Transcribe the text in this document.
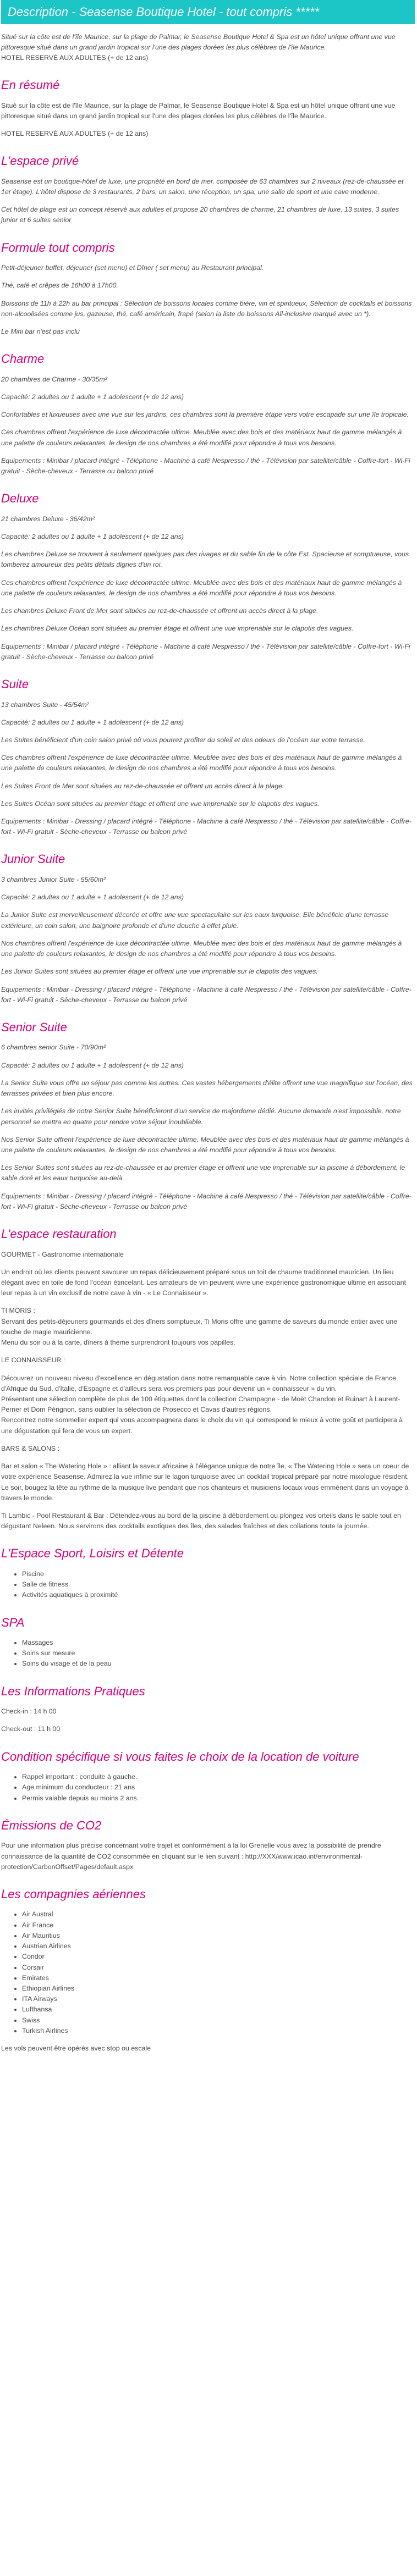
Description - Seasense Boutique Hotel - tout compris *****

Situé sur la côte est de l'île Maurice, sur la plage de Palmar, le Seasense Boutique Hotel & Spa est un hôtel unique offrant une vue pittoresque situé dans un grand jardin tropical sur l'une des plages dorées les plus célèbres de l'île Maurice.

HOTEL RESERVÉ AUX ADULTES (+ de 12 ans)

En résumé

Situé sur la côte est de l'île Maurice, sur la plage de Palmar, le Seasense Boutique Hotel & Spa est un hôtel unique offrant une vue pittoresque situé dans un grand jardin tropical sur l'une des plages dorées les plus célèbres de l'île Maurice.

HOTEL RESERVÉ AUX ADULTES (+ de 12 ans)

L'espace privé

Seasense est un boutique-hôtel de luxe, une propriété en bord de mer, composée de 63 chambres sur 2 niveaux (rez-de-chaussée et 1er étage). L'hôtel dispose de 3 restaurants, 2 bars, un salon, une réception, un spa, une salle de sport et une cave moderne.

Cet hôtel de plage est un concept réservé aux adultes et propose 20 chambres de charme, 21 chambres de luxe, 13 suites, 3 suites junior et 6 suites senior

Formule tout compris

Petit-déjeuner buffet, déjeuner (set menu) et Dîner ( set menu) au Restaurant principal.

Thé, café et crêpes de 16h00 à 17h00.

Boissons de 11h à 22h au bar principal : Sélection de boissons locales comme bière, vin et spiritueux, Sélection de cocktails et boissons non-alcoolisées comme jus, gazeuse, thé, café américain, frapé (selon la liste de boissons All-inclusive marqué avec un *).

Le Mini bar n'est pas inclu

Charme

20 chambres de Charme - 30/35m²

Capacité: 2 adultes ou 1 adulte + 1 adolescent (+ de 12 ans)

Confortables et luxueuses avec une vue sur les jardins, ces chambres sont la première étape vers votre escapade sur une île tropicale.

Ces chambres offrent l'expérience de luxe décontractée ultime. Meublée avec des bois et des matériaux haut de gamme mélangés à une palette de couleurs relaxantes, le design de nos chambres a été modifié pour répondre à tous vos besoins.

Equipements : Minibar / placard intégré - Téléphone - Machine à café Nespresso / thé - Télévision par satellite/câble - Coffre-fort - Wi-Fi gratuit - Sèche-cheveux - Terrasse ou balcon privé

Deluxe

21 chambres Deluxe - 36/42m²

Capacité: 2 adultes ou 1 adulte + 1 adolescent (+ de 12 ans)

Les chambres Deluxe se trouvent à seulement quelques pas des rivages et du sable fin de la côte Est. Spacieuse et somptueuse, vous tomberez amoureux des petits détails dignes d'un roi.

Ces chambres offrent l'expérience de luxe décontractée ultime. Meublée avec des bois et des matériaux haut de gamme mélangés à une palette de couleurs relaxantes, le design de nos chambres a été modifié pour répondre à tous vos besoins.

Les chambres Deluxe Front de Mer sont situées au rez-de-chaussée et offrent un accès direct à la plage.

Les chambres Deluxe Océan sont situées au premier étage et offrent une vue imprenable sur le clapotis des vagues.

Equipements : Minibar / placard intégré - Téléphone - Machine à café Nespresso / thé - Télévision par satellite/câble - Coffre-fort - Wi-Fi gratuit - Sèche-cheveux - Terrasse ou balcon privé

Suite

13 chambres Suite - 45/54m²

Capacité: 2 adultes ou 1 adulte + 1 adolescent (+ de 12 ans)

Les Suites bénéficient d'un coin salon privé où vous pourrez profiter du soleil et des odeurs de l'océan sur votre terrasse.

Ces chambres offrent l'expérience de luxe décontractée ultime. Meublée avec des bois et des matériaux haut de gamme mélangés à une palette de couleurs relaxantes, le design de nos chambres a été modifié pour répondre à tous vos besoins.

Les Suites Front de Mer sont situées au rez-de-chaussée et offrent un accès direct à la plage.

Les Suites Océan sont situées au premier étage et offrent une vue imprenable sur le clapotis des vagues.

Equipements : Minibar - Dressing / placard intégré - Téléphone - Machine à café Nespresso / thé - Télévision par satellite/câble - Coffre-fort - Wi-Fi gratuit - Sèche-cheveux - Terrasse ou balcon privé

Junior Suite

3 chambres Junior Suite - 55/60m²

Capacité: 2 adultes ou 1 adulte + 1 adolescent (+ de 12 ans)

La Junior Suite est merveilleusement décorée et offre une vue spectaculaire sur les eaux turquoise. Elle bénéficie d'une terrasse extérieure, un coin salon, une baignoire profonde et d'une douche à effet pluie.

Nos chambres offrent l'expérience de luxe décontractée ultime. Meublée avec des bois et des matériaux haut de gamme mélangés à une palette de couleurs relaxantes, le design de nos chambres a été modifié pour répondre à tous vos besoins.

Les Junior Suites sont situées au premier étage et offrent une vue imprenable sur le clapotis des vagues.

Equipements : Minibar - Dressing / placard intégré - Téléphone - Machine à café Nespresso / thé - Télévision par satellite/câble - Coffre-fort - Wi-Fi gratuit - Sèche-cheveux - Terrasse ou balcon privé

Senior Suite

6 chambres senior Suite - 70/90m²

Capacité: 2 adultes ou 1 adulte + 1 adolescent (+ de 12 ans)

La Senior Suite vous offre un séjour pas comme les autres. Ces vastes hébergements d'élite offrent une vue magnifique sur l'océan, des terrasses privées et bien plus encore.

Les invités privilégiés de notre Senior Suite bénéficieront d'un service de majordome dédié. Aucune demande n'est impossible, notre personnel se mettra en quatre pour rendre votre séjour inoubliable.

Nos Senior Suite offrent l'expérience de luxe décontractée ultime. Meublée avec des bois et des matériaux haut de gamme mélangés à une palette de couleurs relaxantes, le design de nos chambres a été modifié pour répondre à tous vos besoins.

Les Senior Suites sont situées au rez-de-chaussée et au premier étage et offrent une vue imprenable sur la piscine à débordement, le sable doré et les eaux turquoise au-delà.

Equipements : Minibar - Dressing / placard intégré - Téléphone - Machine à café Nespresso / thé - Télévision par satellite/câble - Coffre-fort - Wi-Fi gratuit - Sèche-cheveux - Terrasse ou balcon privé

L'espace restauration

GOURMET - Gastronomie internationale

Un endroit où les clients peuvent savourer un repas délicieusement préparé sous un toit de chaume traditionnel mauricien. Un lieu élégant avec en toile de fond l'océan étincelant. Les amateurs de vin peuvent vivre une expérience gastronomique ultime en associant leur repas à un vin exclusif de notre cave à vin - « Le Connaisseur ».

TI MORIS :

Servant des petits-déjeuners gourmands et des dîners somptueux, Ti Moris offre une gamme de saveurs du monde entier avec une touche de magie mauricienne.

Menu du soir ou à la carte, dîners à thème surprendront toujours vos papilles.

LE CONNAISSEUR :

Découvrez un nouveau niveau d'excellence en dégustation dans notre remarquable cave à vin. Notre collection spéciale de France, d'Afrique du Sud, d'Italie, d'Espagne et d'ailleurs sera vos premiers pas pour devenir un « connaisseur » du vin.

Présentant une sélection complète de plus de 100 étiquettes dont la collection Champagne - de Moët Chandon et Ruinart à Laurent-Perrier et Dom Pérignon, sans oublier la sélection de Prosecco et Cavas d'autres régions.

Rencontrez notre sommelier expert qui vous accompagnera dans le choix du vin qui correspond le mieux à votre goût et participera à une dégustation qui fera de vous un expert.

BARS & SALONS :

Bar et salon « The Watering Hole » : alliant la saveur africaine à l'élégance unique de notre île, « The Watering Hole » sera un coeur de votre expérience Seasense. Admirez la vue infinie sur le lagon turquoise avec un cocktail tropical préparé par notre mixologue résident. Le soir, bougez la tête au rythme de la musique live pendant que nos chanteurs et musiciens locaux vous emmènent dans un voyage à travers le monde.

Ti Lambic - Pool Restaurant & Bar : Détendez-vous au bord de la piscine à débordement ou plongez vos orteils dans le sable tout en dégustant Neleen. Nous servirons des cocktails exotiques des îles, des salades fraîches et des collations toute la journée.

L'Espace Sport, Loisirs et Détente
• Piscine
• Salle de fitness
• Activités aquatiques à proximité
SPA
• Massages
• Soins sur mesure
• Soins du visage et de la peau
Les Informations Pratiques

Check-in : 14 h 00

Check-out : 11 h 00

Condition spécifique si vous faites le choix de la location de voiture
• Rappel important : conduite à gauche.
• Age minimum du conducteur : 21 ans
• Permis valable depuis au moins 2 ans.
Émissions de CO2

Pour une information plus précise concernant votre trajet et conformément à la loi Grenelle vous avez la possibilité de prendre connaissance de la quantité de CO2 consommée en cliquant sur le lien suivant : http://XXX/www.icao.int/environmental-protection/CarbonOffset/Pages/default.aspx

Les compagnies aériennes
• Air Austral
• Air France
• Air Mauritius
• Austrian Airlines
• Condor
• Corsair
• Emirates
• Ethiopian Airlines
• ITA Airways
• Lufthansa
• Swiss
• Turkish Airlines

Les vols peuvent être opérés avec stop ou escale
